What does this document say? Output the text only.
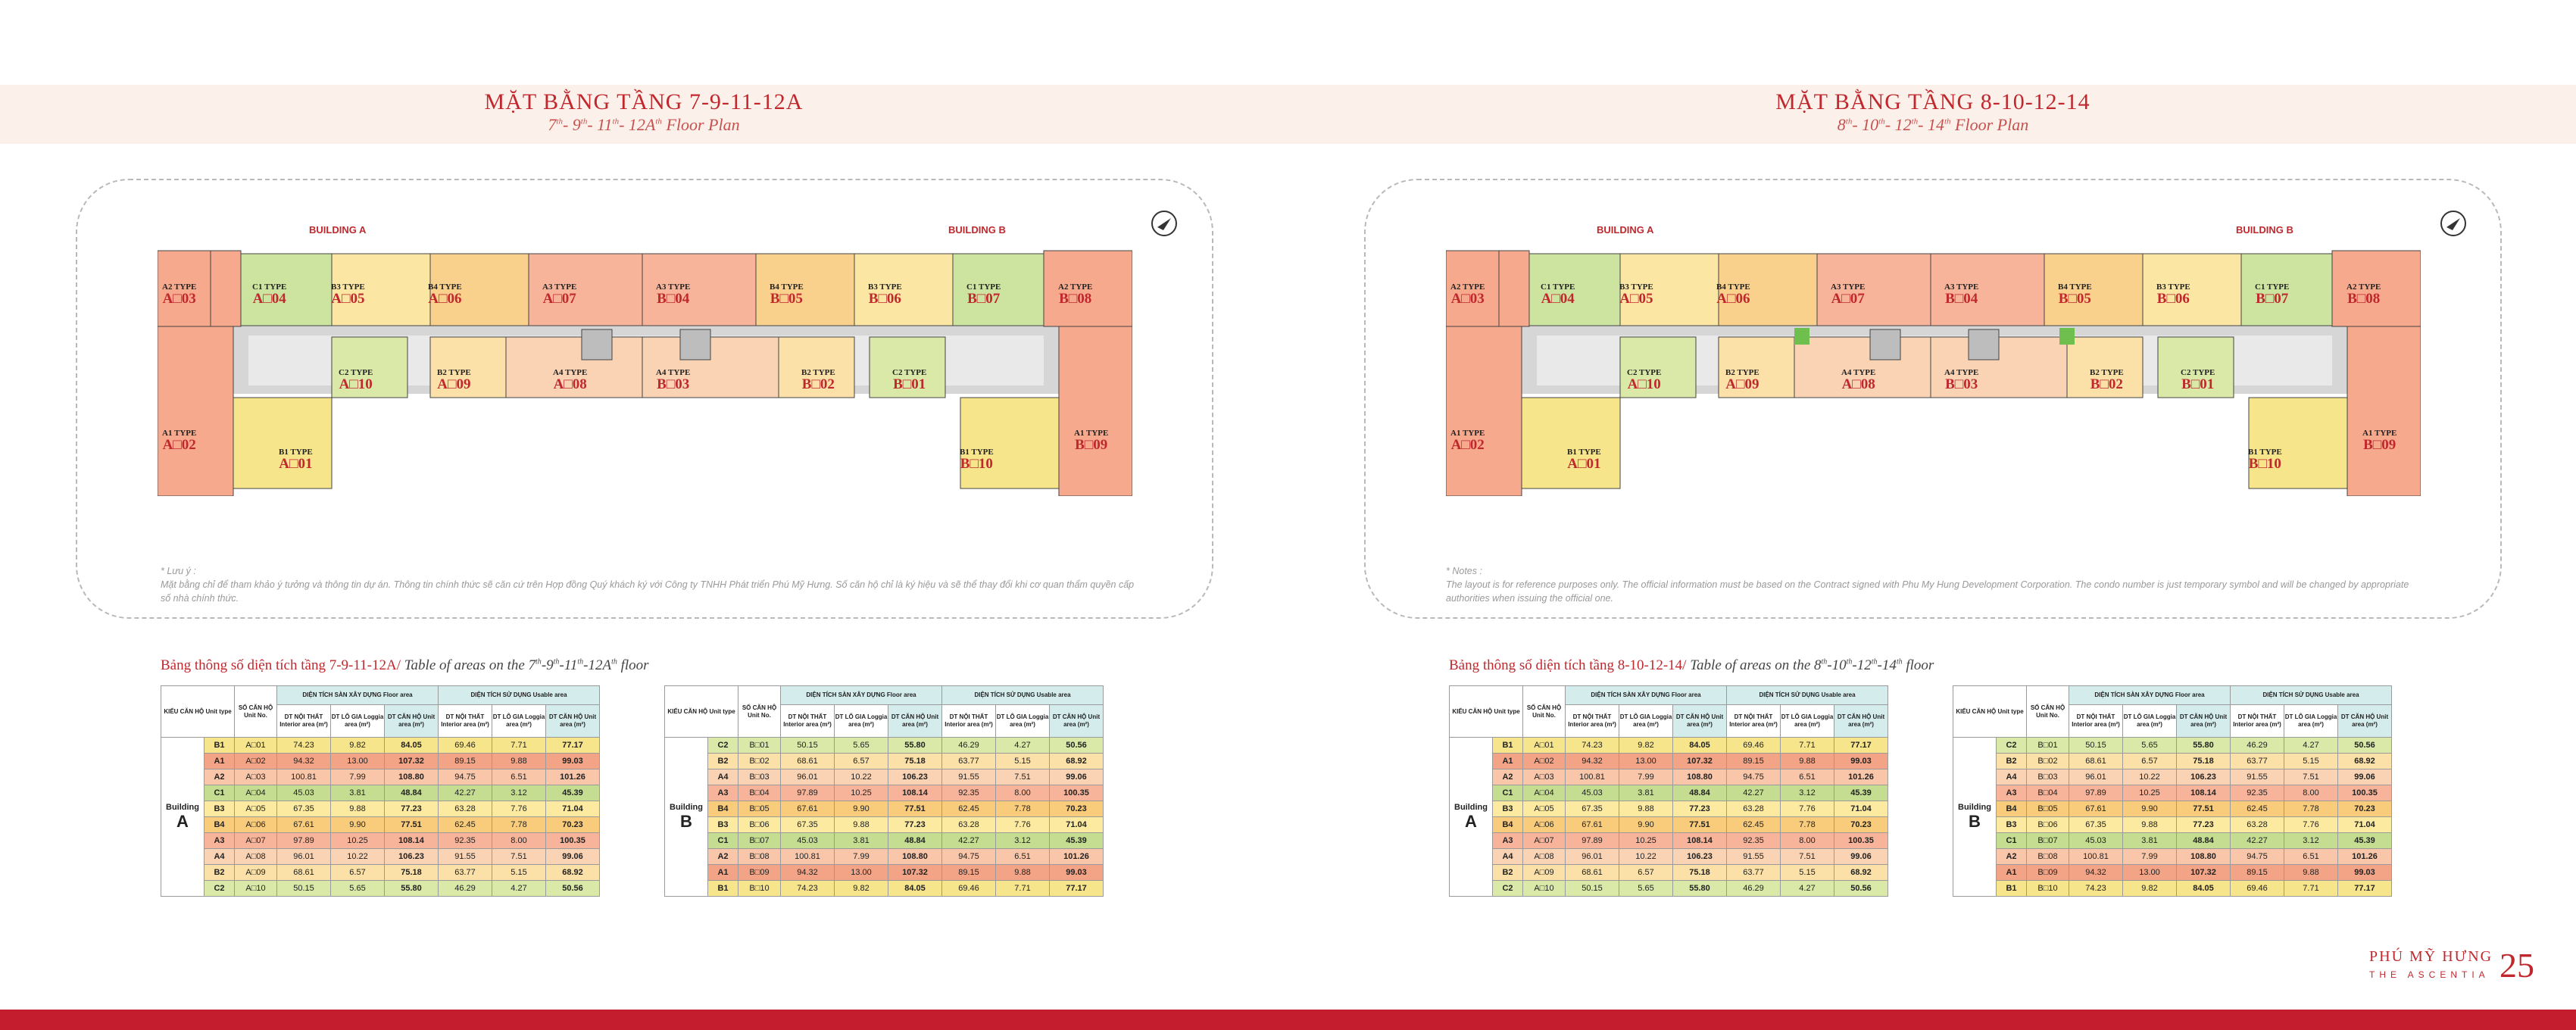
MẶT BẰNG TẦNG 7-9-11-12A
7th- 9th- 11th- $12A^{th}$ Floor Plan
MẶT BẰNG TẦNG 8-10-12-14
8th- 10th- 12th- 14th Floor Plan
BUILDING A	BUILDING B	BUILDING A	BUILDING B
A2 TYPE
A□03
C1 TYPE
A□04
B3 TYPE
A□05
B4 TYPE
A□06
A3 TYPE
A□07
C2 TYPE
A□10
B2 TYPE
A□09
A4 TYPE
A□08
A1 TYPE
A□02	B1 TYPE
A□01
A3 TYPE
B□04
B4 TYPE
B□05
B3 TYPE
B□06
C1 TYPE
B□07
A2 TYPE
B□08
A4 TYPE
B□03
B2 TYPE
B□02
C2 TYPE
B□01
B1 TYPE
B□10
A1 TYPE
B□09
A2 TYPE
A□03
C1 TYPE
A□04
B3 TYPE
A□05
B4 TYPE
A□06
A3 TYPE
A□07
C2 TYPE
A□10
B2 TYPE
A□09
A4 TYPE
A□08
A1 TYPE
A□02	B1 TYPE
A□01
A3 TYPE
B□04
B4 TYPE
B□05
B3 TYPE
B□06
C1 TYPE
B□07
A2 TYPE
B□08
A4 TYPE
B□03
B2 TYPE
B□02
C2 TYPE
B□01
B1 TYPE
B□10
A1 TYPE
B□09
* Lưu ý :
Mặt bằng chỉ để tham khảo ý tưởng và thông tin dự án. Thông tin chính thức sẽ căn cứ trên Hợp đồng Quý khách ký với Công ty TNHH Phát triển Phú Mỹ Hưng. Số căn hộ chỉ là ký hiệu và sẽ thể thay đổi khi cơ quan thẩm quyền cấp số nhà chính thức.
* Notes :
The layout is for reference purposes only. The official information must be based on the Contract signed with Phu My Hung Development Corporation. The condo number is just temporary symbol and will be changed by appropriate authorities when issuing the official one.
Bảng thông số diện tích tầng 7-9-11-12A/ Table of areas on the $7th-9th-11th-12A^{th}$ floor	Bảng thông số diện tích tầng 8-10-12-14/ Table of areas on the 8th-10th-12th-14th floor
KIỂU CĂN HỘ Unit type		SỐ CĂN HỘ Unit No.	DIỆN TÍCH SÀN XÂY DỰNG Floor area			DIỆN TÍCH SỬ DỤNG Usable area		
			DT NỘI THẤT Interior area (m²)	DT LÔ GIA Loggia area (m²)	DT CĂN HỘ Unit area (m²)	DT NỘI THẤT Interior area (m²)	DT LÔ GIA Loggia area (m²)	DT CĂN HỘ Unit area (m²)
Building
A	B1	A□01	74.23	9.82	84.05	69.46	7.71	77.17
	A1	A□02	94.32	13.00	107.32	89.15	9.88	99.03
	A2	A□03	100.81	7.99	108.80	94.75	6.51	101.26
	C1	A□04	45.03	3.81	48.84	42.27	3.12	45.39
	B3	A□05	67.35	9.88	77.23	63.28	7.76	71.04
	B4	A□06	67.61	9.90	77.51	62.45	7.78	70.23
	A3	A□07	97.89	10.25	108.14	92.35	8.00	100.35
	A4	A□08	96.01	10.22	106.23	91.55	7.51	99.06
	B2	A□09	68.61	6.57	75.18	63.77	5.15	68.92
	C2	A□10	50.15	5.65	55.80	46.29	4.27	50.56
KIỂU CĂN HỘ Unit type		SỐ CĂN HỘ Unit No.	DIỆN TÍCH SÀN XÂY DỰNG Floor area			DIỆN TÍCH SỬ DỤNG Usable area		
			DT NỘI THẤT Interior area (m²)	DT LÔ GIA Loggia area (m²)	DT CĂN HỘ Unit area (m²)	DT NỘI THẤT Interior area (m²)	DT LÔ GIA Loggia area (m²)	DT CĂN HỘ Unit area (m²)
Building
B	C2	B□01	50.15	5.65	55.80	46.29	4.27	50.56
	B2	B□02	68.61	6.57	75.18	63.77	5.15	68.92
	A4	B□03	96.01	10.22	106.23	91.55	7.51	99.06
	A3	B□04	97.89	10.25	108.14	92.35	8.00	100.35
	B4	B□05	67.61	9.90	77.51	62.45	7.78	70.23
	B3	B□06	67.35	9.88	77.23	63.28	7.76	71.04
	C1	B□07	45.03	3.81	48.84	42.27	3.12	45.39
	A2	B□08	100.81	7.99	108.80	94.75	6.51	101.26
	A1	B□09	94.32	13.00	107.32	89.15	9.88	99.03
	B1	B□10	74.23	9.82	84.05	69.46	7.71	77.17
KIỂU CĂN HỘ Unit type		SỐ CĂN HỘ Unit No.	DIỆN TÍCH SÀN XÂY DỰNG Floor area			DIỆN TÍCH SỬ DỤNG Usable area		
			DT NỘI THẤT Interior area (m²)	DT LÔ GIA Loggia area (m²)	DT CĂN HỘ Unit area (m²)	DT NỘI THẤT Interior area (m²)	DT LÔ GIA Loggia area (m²)	DT CĂN HỘ Unit area (m²)
Building
A	B1	A□01	74.23	9.82	84.05	69.46	7.71	77.17
	A1	A□02	94.32	13.00	107.32	89.15	9.88	99.03
	A2	A□03	100.81	7.99	108.80	94.75	6.51	101.26
	C1	A□04	45.03	3.81	48.84	42.27	3.12	45.39
	B3	A□05	67.35	9.88	77.23	63.28	7.76	71.04
	B4	A□06	67.61	9.90	77.51	62.45	7.78	70.23
	A3	A□07	97.89	10.25	108.14	92.35	8.00	100.35
	A4	A□08	96.01	10.22	106.23	91.55	7.51	99.06
	B2	A□09	68.61	6.57	75.18	63.77	5.15	68.92
	C2	A□10	50.15	5.65	55.80	46.29	4.27	50.56
KIỂU CĂN HỘ Unit type		SỐ CĂN HỘ Unit No.	DIỆN TÍCH SÀN XÂY DỰNG Floor area			DIỆN TÍCH SỬ DỤNG Usable area		
			DT NỘI THẤT Interior area (m²)	DT LÔ GIA Loggia area (m²)	DT CĂN HỘ Unit area (m²)	DT NỘI THẤT Interior area (m²)	DT LÔ GIA Loggia area (m²)	DT CĂN HỘ Unit area (m²)
Building
B	C2	B□01	50.15	5.65	55.80	46.29	4.27	50.56
	B2	B□02	68.61	6.57	75.18	63.77	5.15	68.92
	A4	B□03	96.01	10.22	106.23	91.55	7.51	99.06
	A3	B□04	97.89	10.25	108.14	92.35	8.00	100.35
	B4	B□05	67.61	9.90	77.51	62.45	7.78	70.23
	B3	B□06	67.35	9.88	77.23	63.28	7.76	71.04
	C1	B□07	45.03	3.81	48.84	42.27	3.12	45.39
	A2	B□08	100.81	7.99	108.80	94.75	6.51	101.26
	A1	B□09	94.32	13.00	107.32	89.15	9.88	99.03
	B1	B□10	74.23	9.82	84.05	69.46	7.71	77.17
PHÚ MỸ HƯNG
THE ASCENTIA 25
